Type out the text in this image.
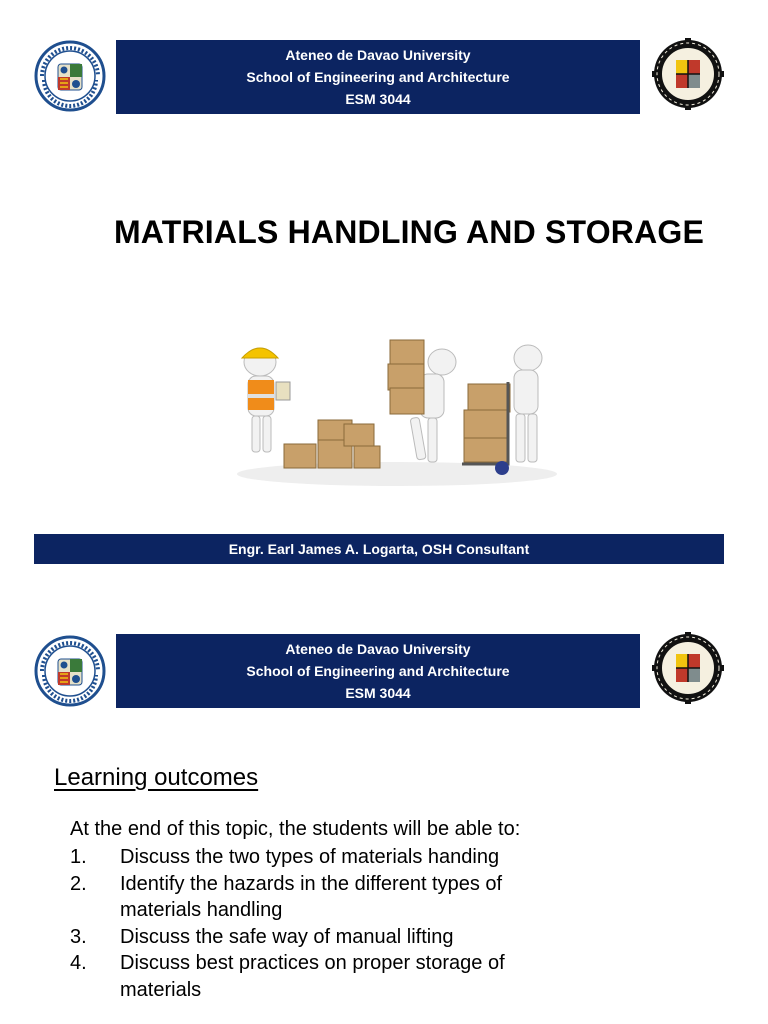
Ateneo de Davao University
School of Engineering and Architecture
ESM 3044
MATRIALS HANDLING AND STORAGE
Engr. Earl James A. Logarta, OSH Consultant
Ateneo de Davao University
School of Engineering and Architecture
ESM 3044
Learning outcomes
At the end of this topic, the students will be able to:
1.	Discuss the two types of materials handing
2.	Identify the hazards in the different types of materials handling
3.	Discuss the safe way of manual lifting
4.	Discuss best practices on proper storage of materials
